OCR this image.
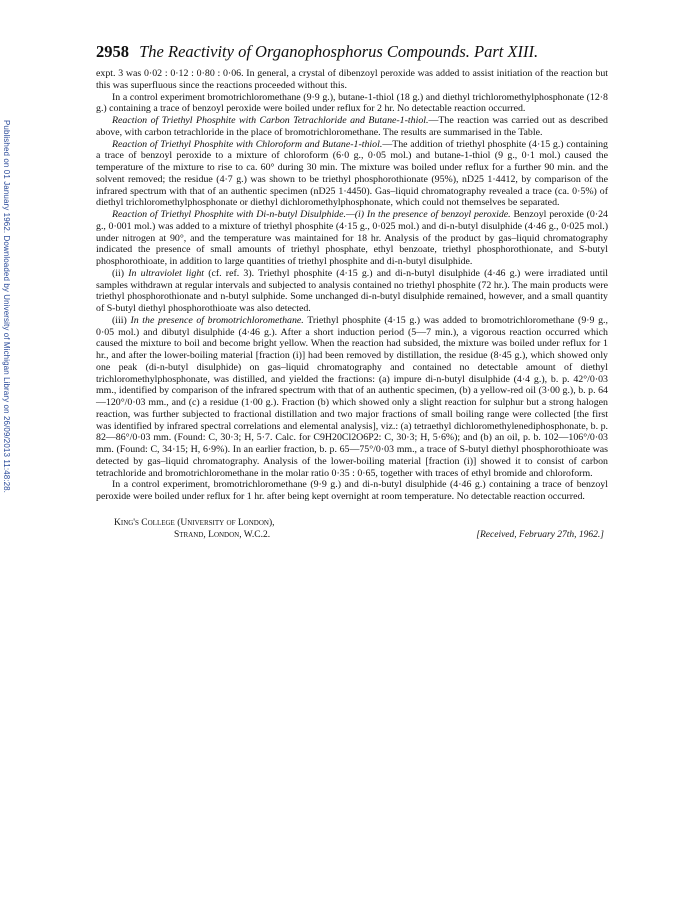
Published on 01 January 1962. Downloaded by University of Michigan Library on 26/09/2013 11:48:28.
2958 The Reactivity of Organophosphorus Compounds. Part XIII.

expt. 3 was 0·02 : 0·12 : 0·80 : 0·06. In general, a crystal of dibenzoyl peroxide was added to assist initiation of the reaction but this was superfluous since the reactions proceeded without this.

In a control experiment bromotrichloromethane (9·9 g.), butane-1-thiol (18 g.) and diethyl trichloromethylphosphonate (12·8 g.) containing a trace of benzoyl peroxide were boiled under reflux for 2 hr. No detectable reaction occurred.

Reaction of Triethyl Phosphite with Carbon Tetrachloride and Butane-1-thiol.—The reaction was carried out as described above, with carbon tetrachloride in the place of bromotrichloromethane. The results are summarised in the Table.

Reaction of Triethyl Phosphite with Chloroform and Butane-1-thiol.—The addition of triethyl phosphite (4·15 g.) containing a trace of benzoyl peroxide to a mixture of chloroform (6·0 g., 0·05 mol.) and butane-1-thiol (9 g., 0·1 mol.) caused the temperature of the mixture to rise to ca. 60° during 30 min. The mixture was boiled under reflux for a further 90 min. and the solvent removed; the residue (4·7 g.) was shown to be triethyl phosphorothionate (95%), nD25 1·4412, by comparison of the infrared spectrum with that of an authentic specimen (nD25 1·4450). Gas–liquid chromatography revealed a trace (ca. 0·5%) of diethyl trichloromethylphosphonate or diethyl dichloromethylphosphonate, which could not themselves be separated.

Reaction of Triethyl Phosphite with Di-n-butyl Disulphide.—(i) In the presence of benzoyl peroxide. Benzoyl peroxide (0·24 g., 0·001 mol.) was added to a mixture of triethyl phosphite (4·15 g., 0·025 mol.) and di-n-butyl disulphide (4·46 g., 0·025 mol.) under nitrogen at 90°, and the temperature was maintained for 18 hr. Analysis of the product by gas–liquid chromatography indicated the presence of small amounts of triethyl phosphate, ethyl benzoate, triethyl phosphorothionate, and S-butyl phosphorothioate, in addition to large quantities of triethyl phosphite and di-n-butyl disulphide.

(ii) In ultraviolet light (cf. ref. 3). Triethyl phosphite (4·15 g.) and di-n-butyl disulphide (4·46 g.) were irradiated until samples withdrawn at regular intervals and subjected to analysis contained no triethyl phosphite (72 hr.). The main products were triethyl phosphorothionate and n-butyl sulphide. Some unchanged di-n-butyl disulphide remained, however, and a small quantity of S-butyl diethyl phosphorothioate was also detected.

(iii) In the presence of bromotrichloromethane. Triethyl phosphite (4·15 g.) was added to bromotrichloromethane (9·9 g., 0·05 mol.) and dibutyl disulphide (4·46 g.). After a short induction period (5—7 min.), a vigorous reaction occurred which caused the mixture to boil and become bright yellow. When the reaction had subsided, the mixture was boiled under reflux for 1 hr., and after the lower-boiling material [fraction (i)] had been removed by distillation, the residue (8·45 g.), which showed only one peak (di-n-butyl disulphide) on gas–liquid chromatography and contained no detectable amount of diethyl trichloromethylphosphonate, was distilled, and yielded the fractions: (a) impure di-n-butyl disulphide (4·4 g.), b. p. 42°/0·03 mm., identified by comparison of the infrared spectrum with that of an authentic specimen, (b) a yellow-red oil (3·00 g.), b. p. 64—120°/0·03 mm., and (c) a residue (1·00 g.). Fraction (b) which showed only a slight reaction for sulphur but a strong halogen reaction, was further subjected to fractional distillation and two major fractions of small boiling range were collected [the first was identified by infrared spectral correlations and elemental analysis], viz.: (a) tetraethyl dichloromethylenediphosphonate, b. p. 82—86°/0·03 mm. (Found: C, 30·3; H, 5·7. Calc. for C9H20Cl2O6P2: C, 30·3; H, 5·6%); and (b) an oil, p. b. 102—106°/0·03 mm. (Found: C, 34·15; H, 6·9%). In an earlier fraction, b. p. 65—75°/0·03 mm., a trace of S-butyl diethyl phosphorothioate was detected by gas–liquid chromatography. Analysis of the lower-boiling material [fraction (i)] showed it to consist of carbon tetrachloride and bromotrichloromethane in the molar ratio 0·35 : 0·65, together with traces of ethyl bromide and chloroform.

In a control experiment, bromotrichloromethane (9·9 g.) and di-n-butyl disulphide (4·46 g.) containing a trace of benzoyl peroxide were boiled under reflux for 1 hr. after being kept overnight at room temperature. No detectable reaction occurred.

King's College (University of London),
Strand, London, W.C.2.	[Received, February 27th, 1962.]
